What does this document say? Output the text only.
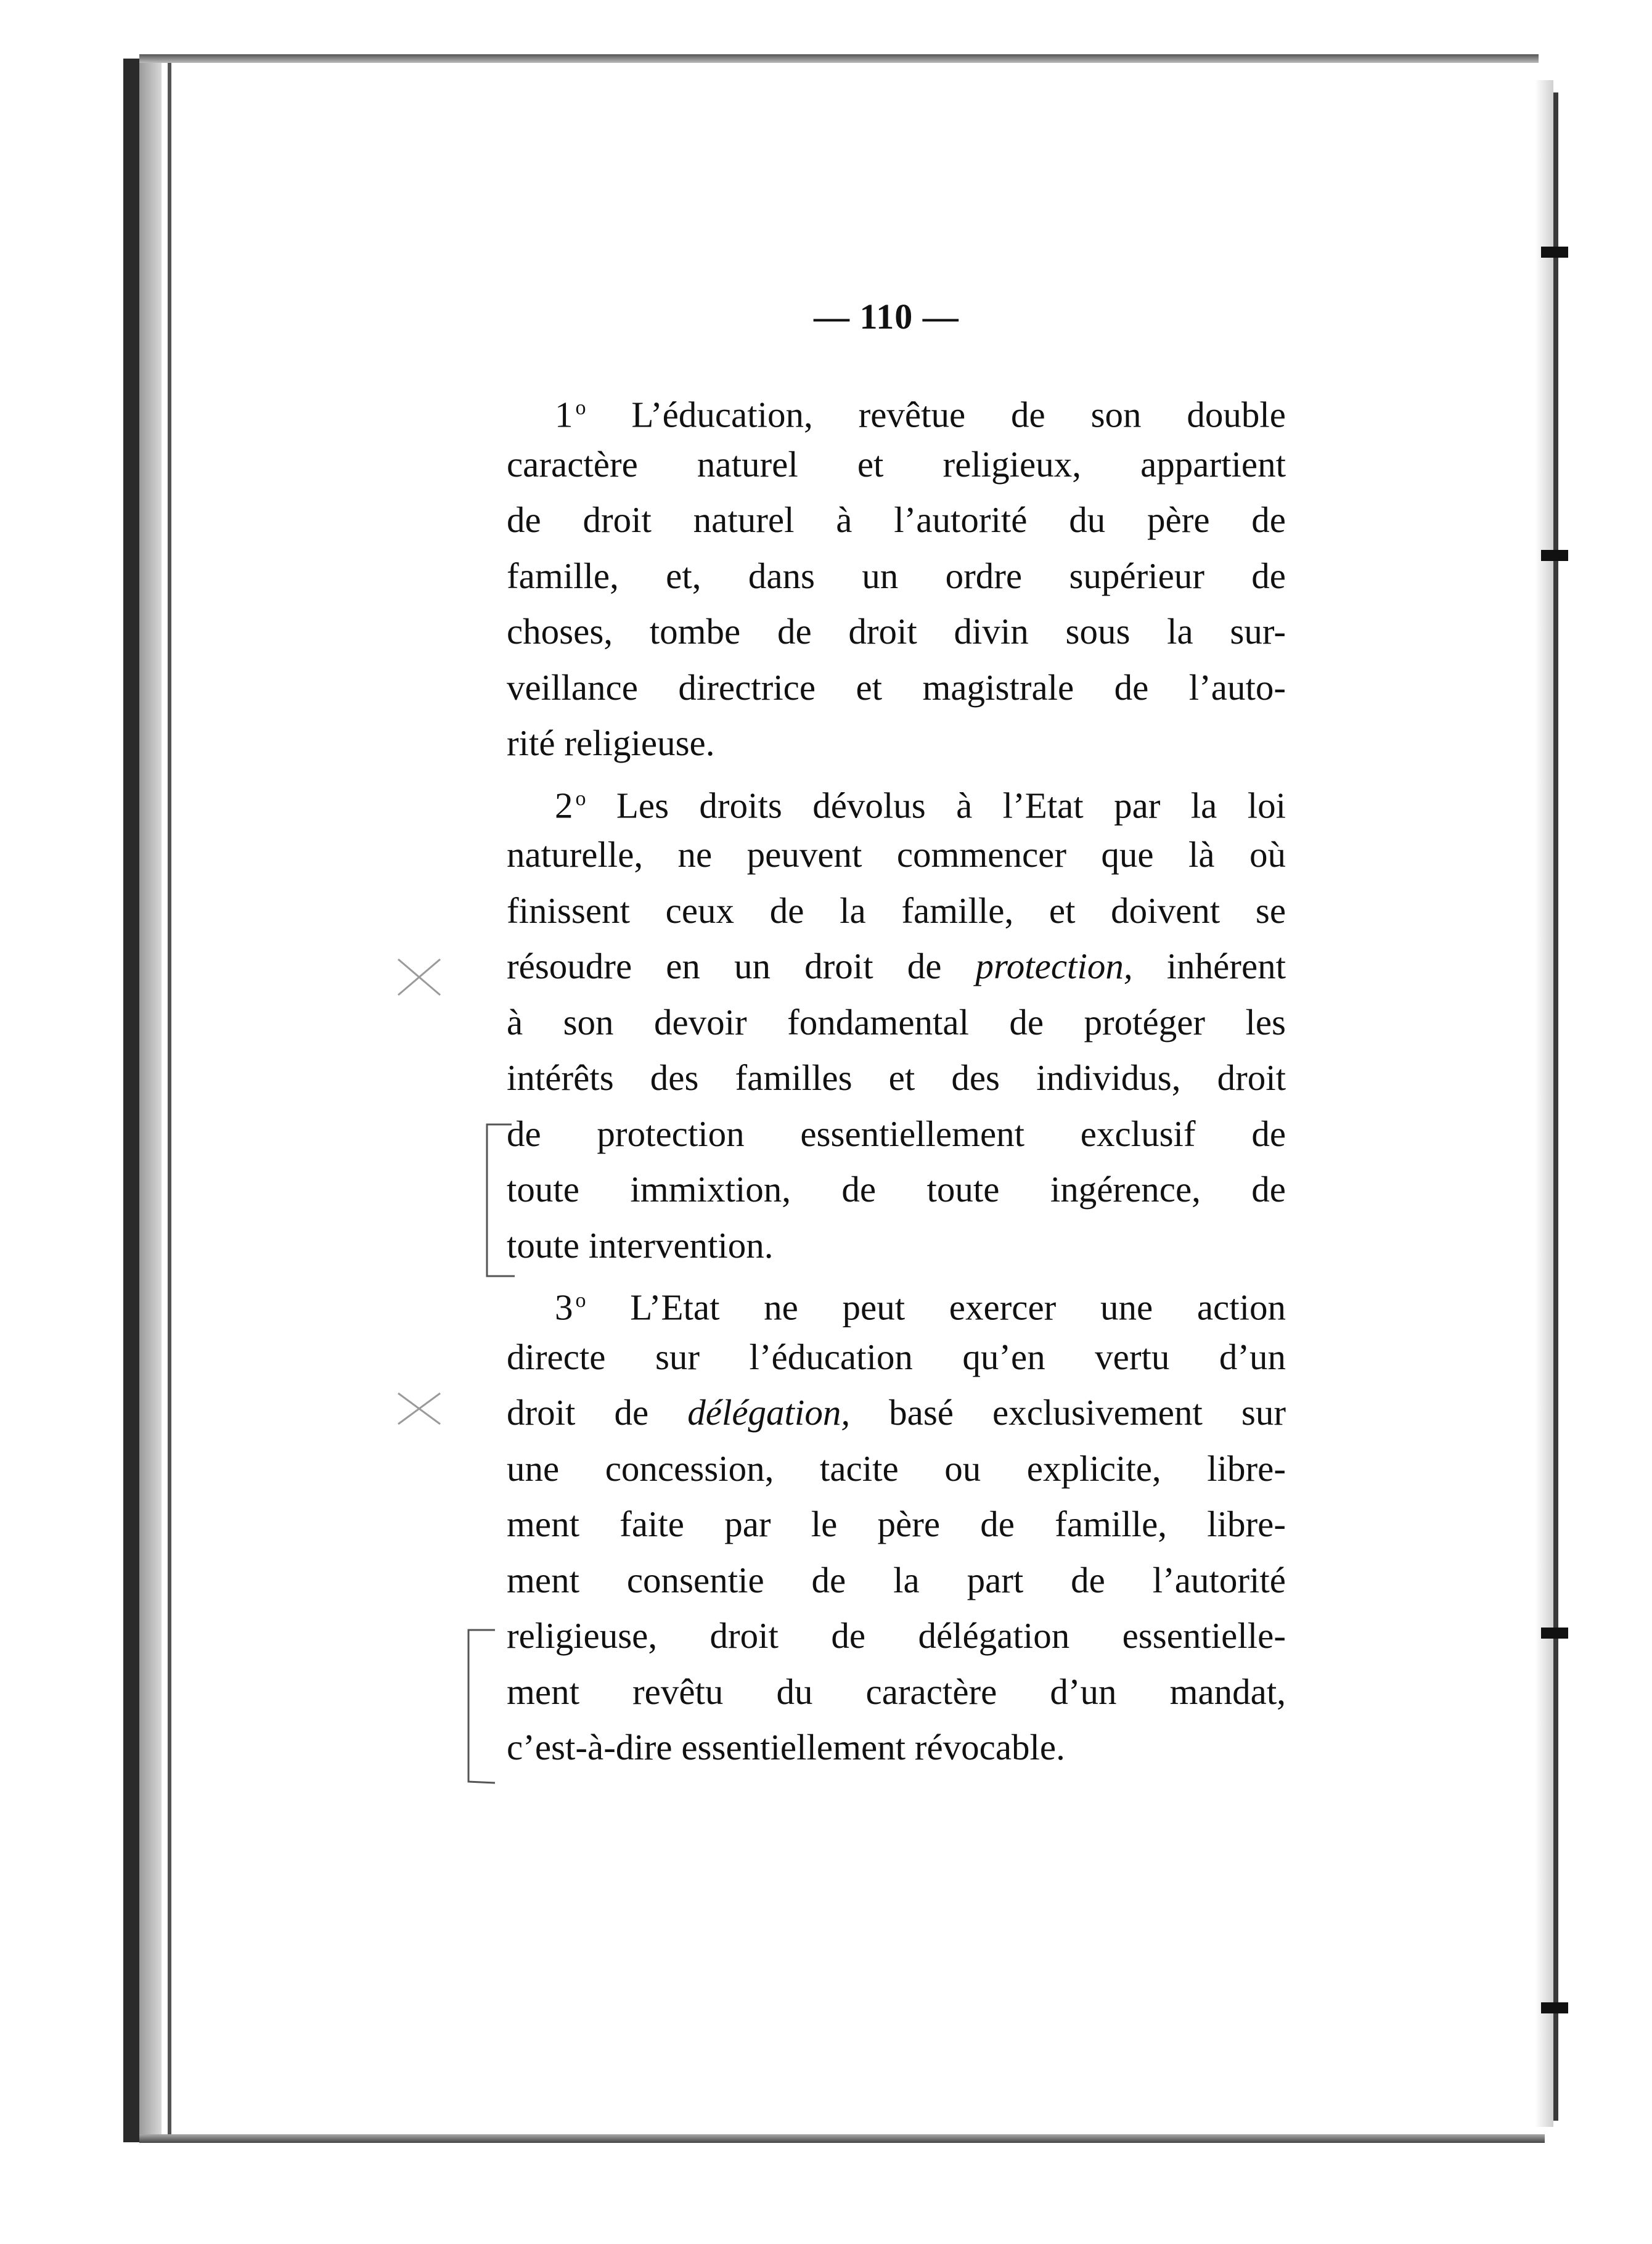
— 110 —
1 $^o$ L’éducation, revêtue de son double
caractère naturel et religieux, appartient
de droit naturel à l’autorité du père de
famille, et, dans un ordre supérieur de
choses, tombe de droit divin sous la sur-
veillance directrice et magistrale de l’auto-
rité religieuse.
2 $^o$ Les droits dévolus à l’Etat par la loi
naturelle, ne peuvent commencer que là où
finissent ceux de la famille, et doivent se
résoudre en un droit de protection, inhérent
à son devoir fondamental de protéger les
intérêts des familles et des individus, droit
de protection essentiellement exclusif de
toute immixtion, de toute ingérence, de
toute intervention.
3 $^o$ L’Etat ne peut exercer une action
directe sur l’éducation qu’en vertu d’un
droit de délégation, basé exclusivement sur
une concession, tacite ou explicite, libre-
ment faite par le père de famille, libre-
ment consentie de la part de l’autorité
religieuse, droit de délégation essentielle-
ment revêtu du caractère d’un mandat,
c’est-à-dire essentiellement révocable.
